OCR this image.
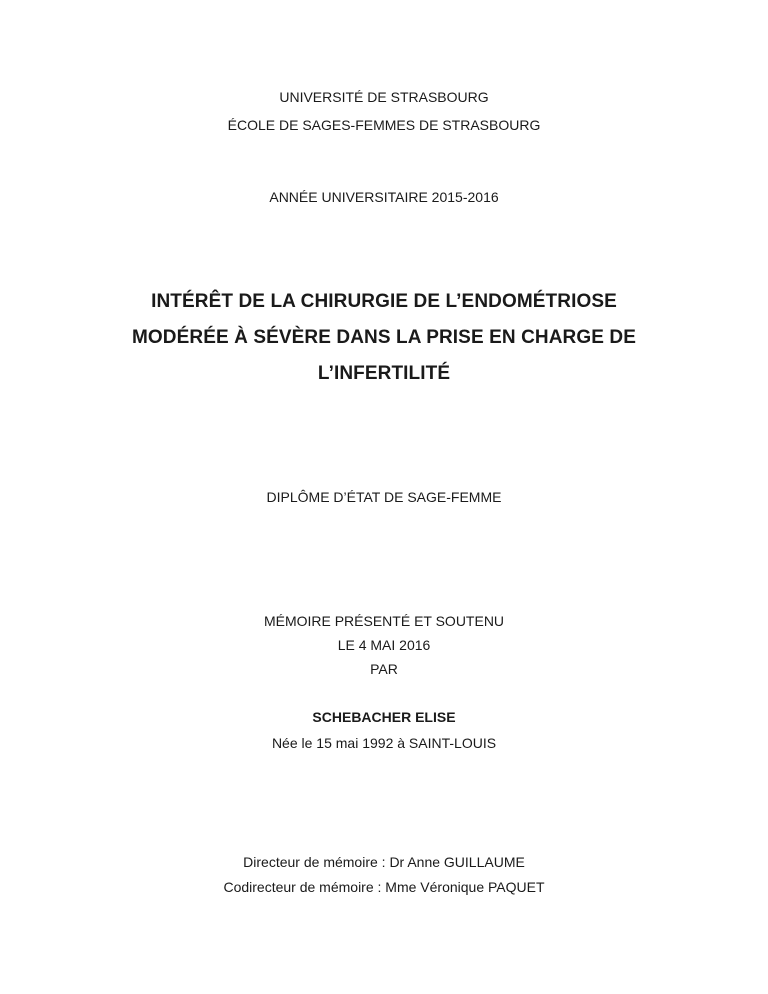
UNIVERSITÉ DE STRASBOURG
ÉCOLE DE SAGES-FEMMES DE STRASBOURG
ANNÉE UNIVERSITAIRE 2015-2016
INTÉRÊT DE LA CHIRURGIE DE L’ENDOMÉTRIOSE
MODÉRÉE À SÉVÈRE DANS LA PRISE EN CHARGE DE
L’INFERTILITÉ
DIPLÔME D’ÉTAT DE SAGE-FEMME
MÉMOIRE PRÉSENTÉ ET SOUTENU
LE 4 MAI 2016
PAR
SCHEBACHER ELISE
Née le 15 mai 1992 à SAINT-LOUIS
Directeur de mémoire : Dr Anne GUILLAUME
Codirecteur de mémoire : Mme Véronique PAQUET
